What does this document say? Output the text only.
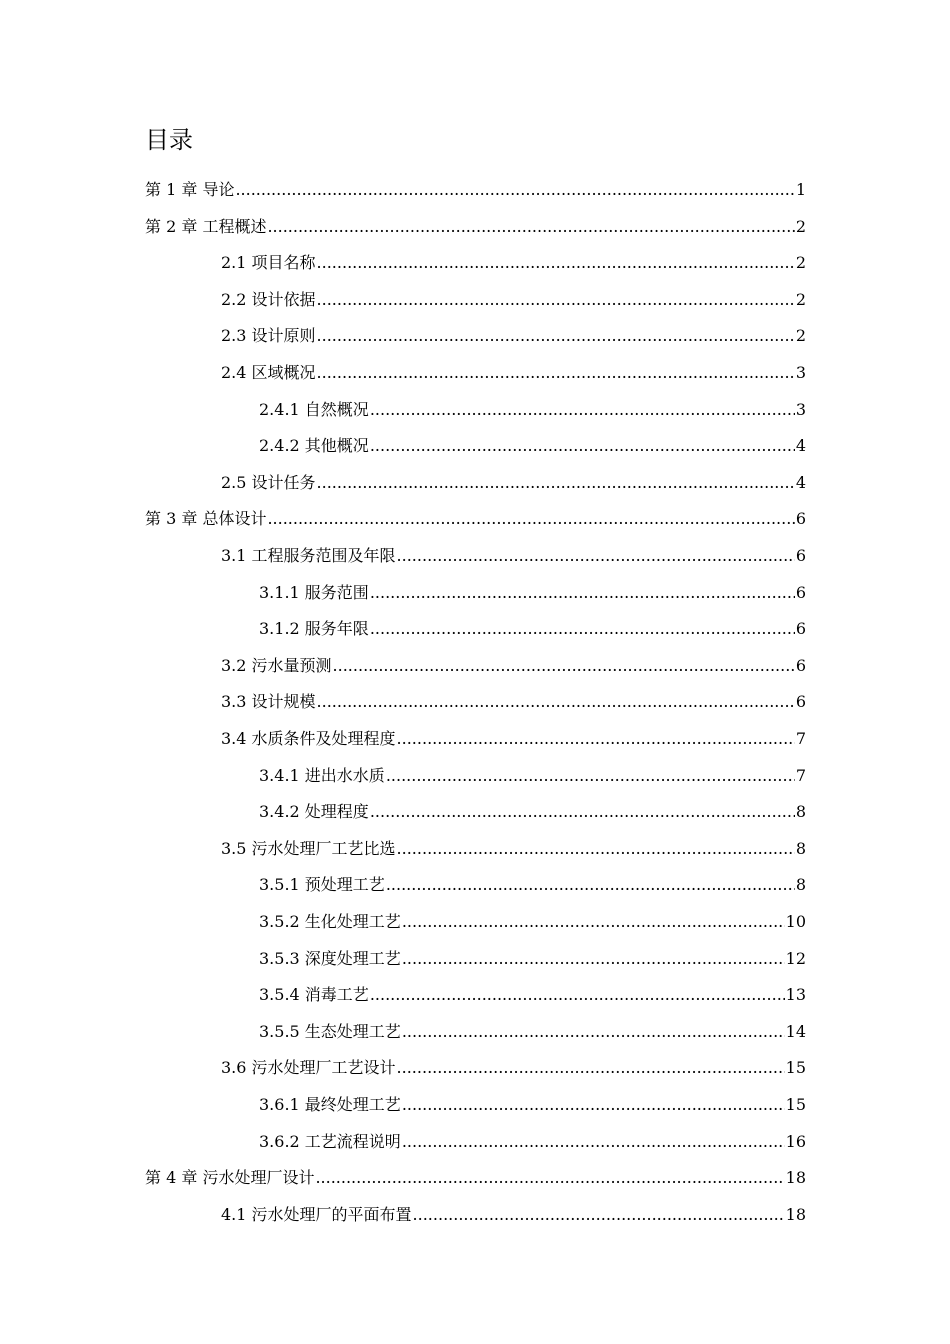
目录
第 1 章 导论 .....	1
第 2 章 工程概述 .....	2
2.1 项目名称 .....	2
2.2 设计依据 .....	2
2.3 设计原则 .....	2
2.4 区域概况 .....	3
2.4.1 自然概况 .....	3
2.4.2 其他概况 .....	4
2.5 设计任务 .....	4
第 3 章 总体设计 .....	6
3.1 工程服务范围及年限 .....	6
3.1.1 服务范围 .....	6
3.1.2 服务年限 .....	6
3.2 污水量预测 .....	6
3.3 设计规模 .....	6
3.4 水质条件及处理程度 .....	7
3.4.1 进出水水质 .....	7
3.4.2 处理程度 .....	8
3.5 污水处理厂工艺比选 .....	8
3.5.1 预处理工艺 .....	8
3.5.2 生化处理工艺 .....	10
3.5.3 深度处理工艺 .....	12
3.5.4 消毒工艺 .....	13
3.5.5 生态处理工艺 .....	14
3.6 污水处理厂工艺设计 .....	15
3.6.1 最终处理工艺 .....	15
3.6.2 工艺流程说明 .....	16
第 4 章 污水处理厂设计 .....	18
4.1 污水处理厂的平面布置 .....	18
